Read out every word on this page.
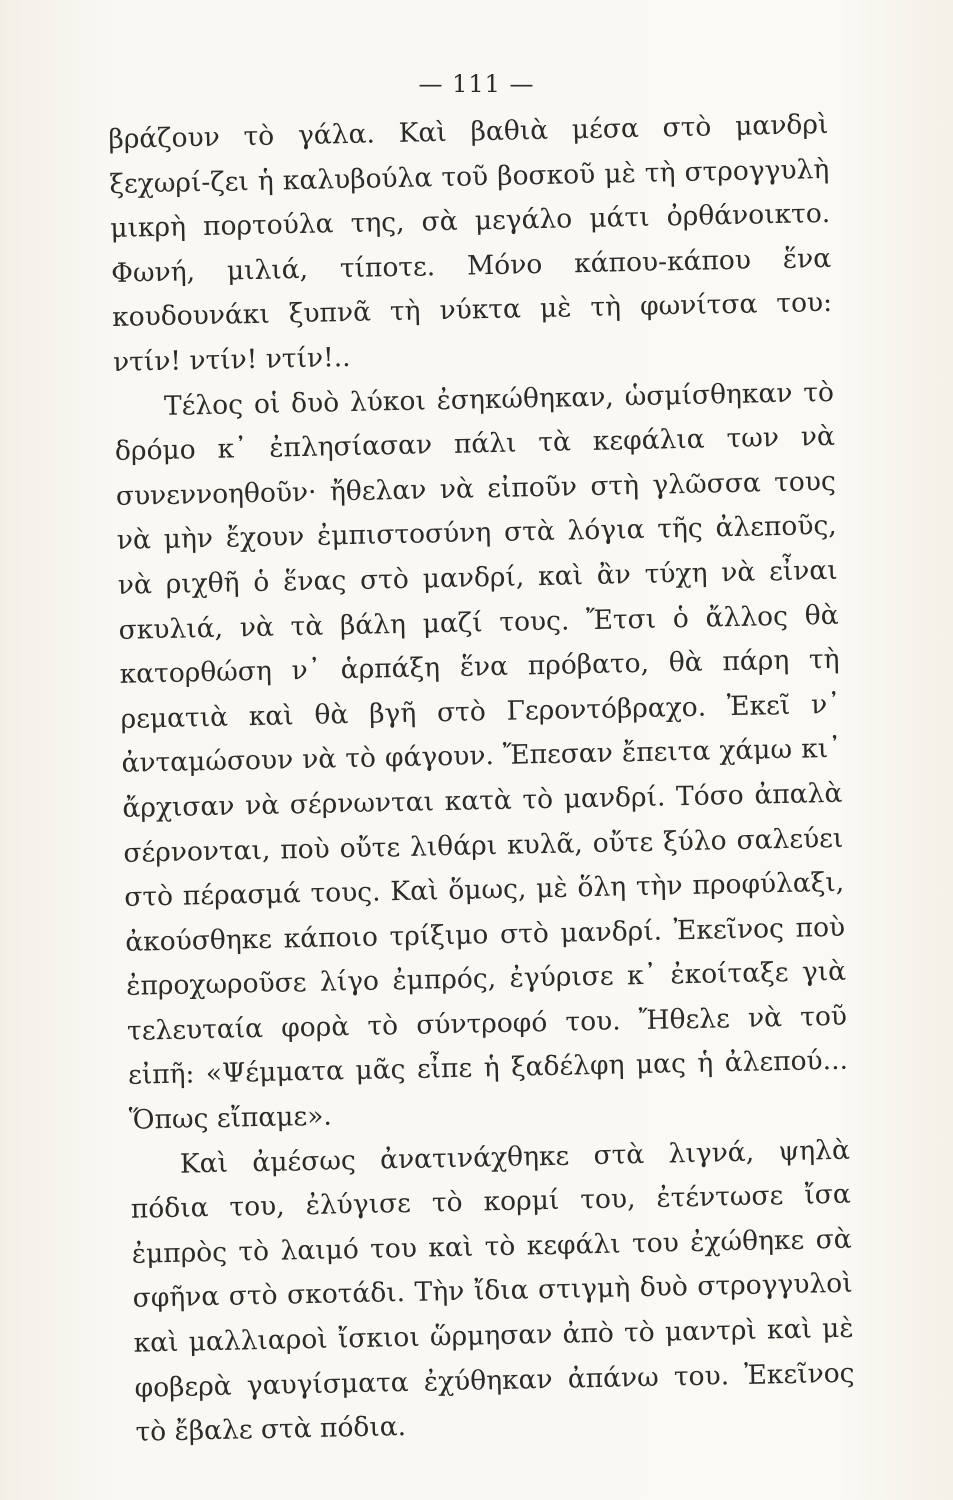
— 111 —

βράζουν τὸ γάλα. Καὶ βαθιὰ μέσα στὸ μανδρὶ ξεχωρί-ζει ἡ καλυβούλα τοῦ βοσκοῦ μὲ τὴ στρογγυλὴ μικρὴ πορτούλα της, σὰ μεγάλο μάτι ὀρθάνοικτο. Φωνή, μιλιά, τίποτε. Μόνο κάπου-κάπου ἕνα κουδουνάκι ξυπνᾶ τὴ νύκτα μὲ τὴ φωνίτσα του: ντίν! ντίν! ντίν!..

Τέλος οἱ δυὸ λύκοι ἐσηκώθηκαν, ὡσμίσθηκαν τὸ δρόμο κ᾽ ἐπλησίασαν πάλι τὰ κεφάλια των νὰ συνεννοηθοῦν· ἤθελαν νὰ εἰποῦν στὴ γλῶσσα τους νὰ μὴν ἔχουν ἐμπιστοσύνη στὰ λόγια τῆς ἀλεποῦς, νὰ ριχθῆ ὁ ἕνας στὸ μανδρί, καὶ ἂν τύχη νὰ εἶναι σκυλιά, νὰ τὰ βάλη μαζί τους. Ἔτσι ὁ ἄλλος θὰ κατορθώση ν᾽ ἁρπάξη ἕνα πρόβατο, θὰ πάρη τὴ ρεματιὰ καὶ θὰ βγῆ στὸ Γεροντόβραχο. Ἐκεῖ ν᾽ ἀνταμώσουν νὰ τὸ φάγουν. Ἔπεσαν ἔπειτα χάμω κι᾽ ἄρχισαν νὰ σέρνωνται κατὰ τὸ μανδρί. Τόσο ἀπαλὰ σέρνονται, ποὺ οὔτε λιθάρι κυλᾶ, οὔτε ξύλο σαλεύει στὸ πέρασμά τους. Καὶ ὅμως, μὲ ὅλη τὴν προφύλαξι, ἀκούσθηκε κάποιο τρίξιμο στὸ μανδρί. Ἐκεῖνος ποὺ ἐπροχωροῦσε λίγο ἐμπρός, ἐγύρισε κ᾽ ἐκοίταξε γιὰ τελευταία φορὰ τὸ σύντροφό του. Ἤθελε νὰ τοῦ εἰπῆ: «Ψέμματα μᾶς εἶπε ἡ ξαδέλφη μας ἡ ἀλεπού... Ὅπως εἴπαμε».

Καὶ ἀμέσως ἀνατινάχθηκε στὰ λιγνά, ψηλὰ πόδια του, ἐλύγισε τὸ κορμί του, ἐτέντωσε ἴσα ἐμπρὸς τὸ λαιμό του καὶ τὸ κεφάλι του ἐχώθηκε σὰ σφῆνα στὸ σκοτάδι. Τὴν ἴδια στιγμὴ δυὸ στρογγυλοὶ καὶ μαλλιαροὶ ἴσκιοι ὥρμησαν ἀπὸ τὸ μαντρὶ καὶ μὲ φοβερὰ γαυγίσματα ἐχύθηκαν ἀπάνω του. Ἐκεῖνος τὸ ἔβαλε στὰ πόδια.
